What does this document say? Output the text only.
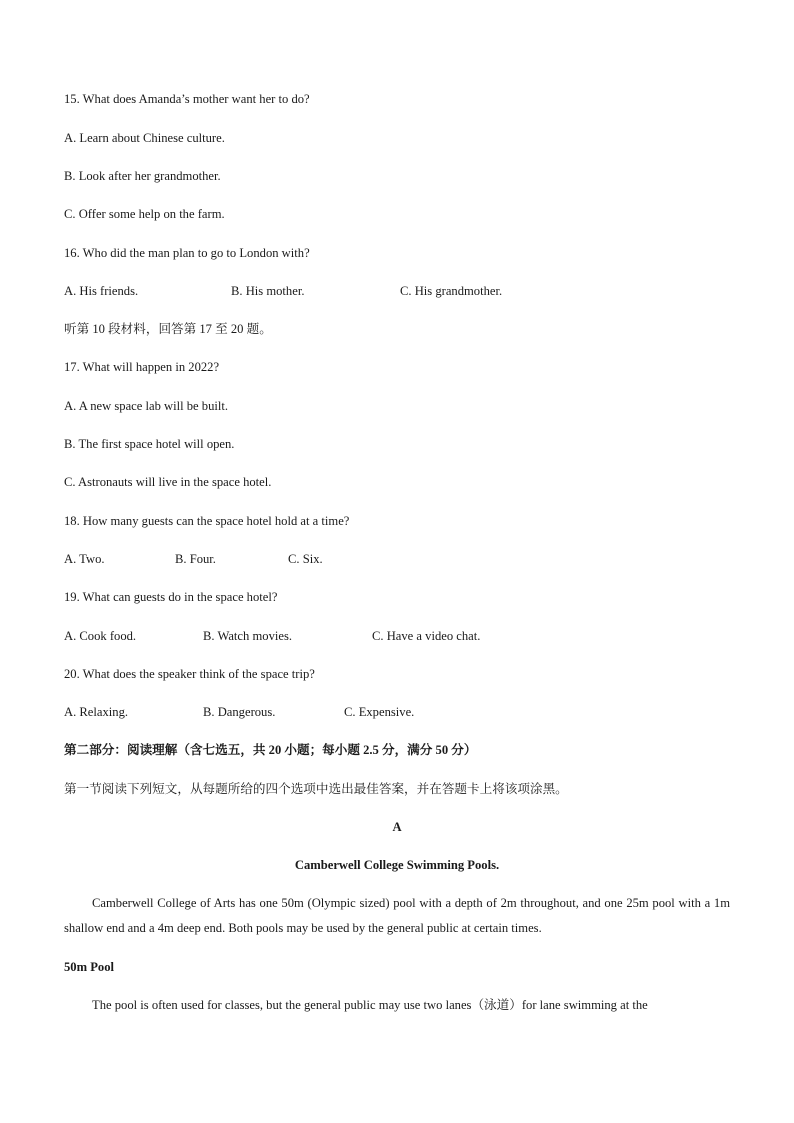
15. What does Amanda’s mother want her to do?
A. Learn about Chinese culture.
B. Look after her grandmother.
C. Offer some help on the farm.
16. Who did the man plan to go to London with?
A. His friends.	B. His mother.	C. His grandmother.
听第 10 段材料，回答第 17 至 20 题。
17. What will happen in 2022?
A. A new space lab will be built.
B. The first space hotel will open.
C. Astronauts will live in the space hotel.
18. How many guests can the space hotel hold at a time?
A. Two.	B. Four.	C. Six.
19. What can guests do in the space hotel?
A. Cook food.	B. Watch movies.	C. Have a video chat.
20. What does the speaker think of the space trip?
A. Relaxing.	B. Dangerous.	C. Expensive.
第二部分：阅读理解（含七选五，共 20 小题；每小题 2.5 分，满分 50 分）
第一节阅读下列短文，从每题所给的四个选项中选出最佳答案，并在答题卡上将该项涂黑。
A
Camberwell College Swimming Pools.
Camberwell College of Arts has one 50m (Olympic sized) pool with a depth of 2m throughout, and one 25m pool with a 1m shallow end and a 4m deep end. Both pools may be used by the general public at certain times.
50m Pool
The pool is often used for classes, but the general public may use two lanes（泳道）for lane swimming at the
